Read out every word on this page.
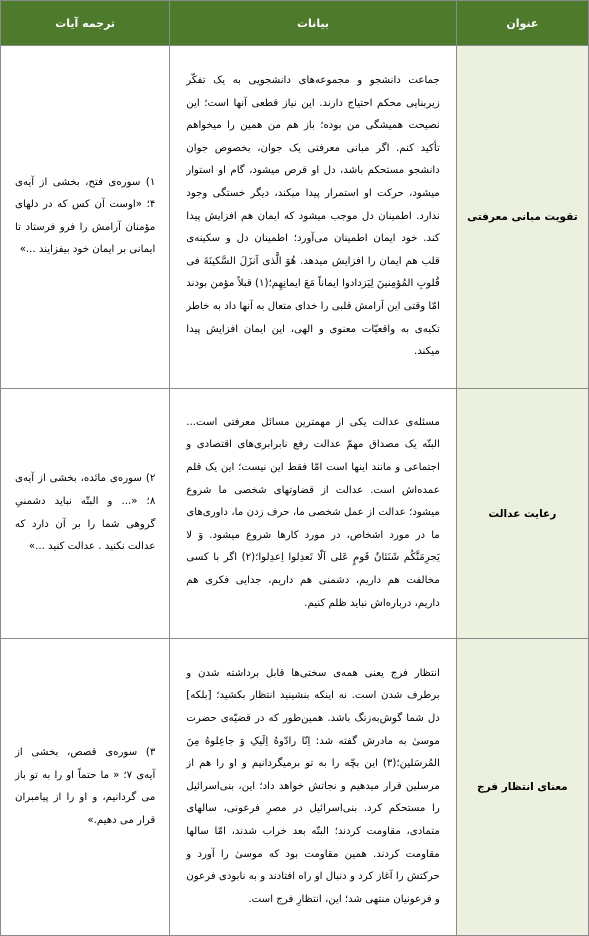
عنوان	بیانات	ترجمه آیات
تقویت مبانی معرفتی	جماعت دانشجو و مجموعه‌های دانشجویی به یک تفکّر زیربنایی محکم احتیاج دارند. این نیاز قطعی آنها است؛ این نصیحت همیشگی من بوده؛ باز هم من همین را میخواهم تأکید کنم. اگر مبانی معرفتی یک جوان، بخصوص جوان دانشجو مستحکم باشد، دل او قرص میشود، گام او استوار میشود، حرکت او استمرار پیدا میکند، دیگر خستگی وجود ندارد. اطمینان دل موجب میشود که ایمان هم افزایش پیدا کند. خود ایمان اطمینان می‌آورد؛ اطمینان دل و سکینه‌ی قلب هم ایمان را افزایش میدهد. هُوَ الَّذی اَنزَلَ السَّکینَةَ فی قُلوبِ المُؤمِنینَ لِیَزدادوا ایماناً مَعَ ایمانِهِم؛(۱) قبلاً مؤمن بودند امّا وقتی این آرامش قلبی را خدای متعال به آنها داد به خاطر تکیه‌ی به واقعیّات معنوی و الهی، این ایمان افزایش پیدا میکند.	۱) سوره‌ی فتح، بخشی از آیه‌ی ۴؛ «اوست آن کس که در دلهای مؤمنان آرامش را فرو فرستاد تا ایمانی بر ایمان خود بیفزایند ...»
رعایت عدالت	مسئله‌ی عدالت یکی از مهمترین مسائل معرفتی است... البتّه یک مصداق مهمّ عدالت رفع نابرابری‌های اقتصادی و اجتماعی و مانند اینها است امّا فقط این نیست؛ این یک قلم عمده‌اش است. عدالت از قضاوتهای شخصی ما شروع میشود؛ عدالت از عمل شخصی ما، حرف زدن ما، داوری‌های ما در مورد اشخاص، در مورد کارها شروع میشود. وَ لا یَجرِمَنَّکُم شَنَئانُ قَومٍ عَلی اَلّا تَعدِلوا اِعدِلوا؛(۲) اگر با کسی مخالفت هم داریم، دشمنی هم داریم، جدایی فکری هم داریم، درباره‌اش نباید ظلم کنیم.	۲) سوره‌ی مائده، بخشی از آیه‌ی ۸؛ «... و البتّه نباید دشمنیِ گروهی شما را بر آن دارد که عدالت نکنید . عدالت کنید ...»
معنای انتظار فرج	انتظار فرج یعنی همه‌ی سختی‌ها قابل برداشته شدن و برطرف شدن است. نه اینکه بنشینید انتظار بکشید؛ [بلکه] دل شما گوش‌به‌زنگ باشد. همین‌طور که در قضیّه‌ی حضرت موسیٰ به مادرش گفته شد: اِنّا رادّوهُ اِلَیکِ وَ جاعِلوهُ مِنَ المُرسَلین؛(۳) این بچّه را به تو برمیگردانیم و او را هم از مرسلین قرار میدهیم و نجاتش خواهد داد؛ این، بنی‌اسرائیل را مستحکم کرد. بنی‌اسرائیل در مصرِ فرعونی، سالهای متمادی، مقاومت کردند؛ البتّه بعد خراب شدند، امّا سالها مقاومت کردند. همین مقاومت بود که موسیٰ را آورد و حرکتش را آغاز کرد و دنبال او راه افتادند و به نابودی فرعون و فرعونیان منتهی شد؛ این، انتظارِ فرج است.	۳) سوره‌ی قصص، بخشی از آیه‌ی ۷؛ « ما حتماً او را به تو باز می گردانیم، و او را از پیامبران قرار می دهیم.»
